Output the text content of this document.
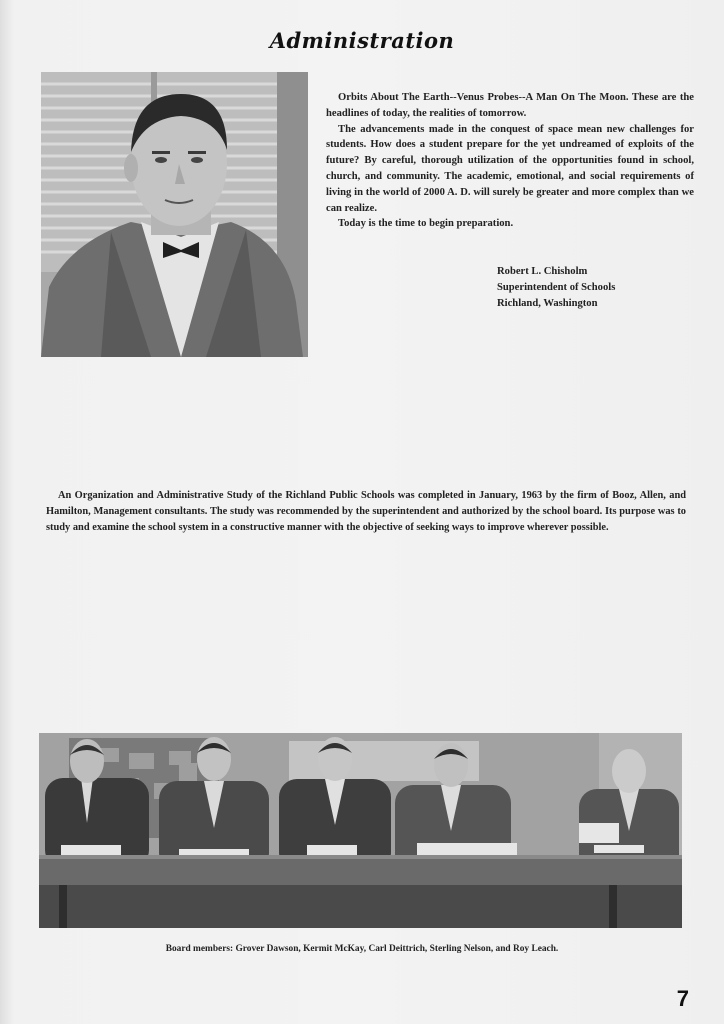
Administration

Orbits About The Earth--Venus Probes--A Man On The Moon. These are the headlines of today, the realities of tomorrow.

The advancements made in the conquest of space mean new challenges for students. How does a student prepare for the yet undreamed of exploits of the future? By careful, thorough utilization of the opportunities found in school, church, and community. The academic, emotional, and social requirements of living in the world of 2000 A. D. will surely be greater and more complex than we can realize.

Today is the time to begin preparation.

Robert L. Chisholm
Superintendent of Schools
Richland, Washington

An Organization and Administrative Study of the Richland Public Schools was completed in January, 1963 by the firm of Booz, Allen, and Hamilton, Management consultants. The study was recommended by the superintendent and authorized by the school board. Its purpose was to study and examine the school system in a constructive manner with the objective of seeking ways to improve wherever possible.

Board members: Grover Dawson, Kermit McKay, Carl Deittrich, Sterling Nelson, and Roy Leach.
7
